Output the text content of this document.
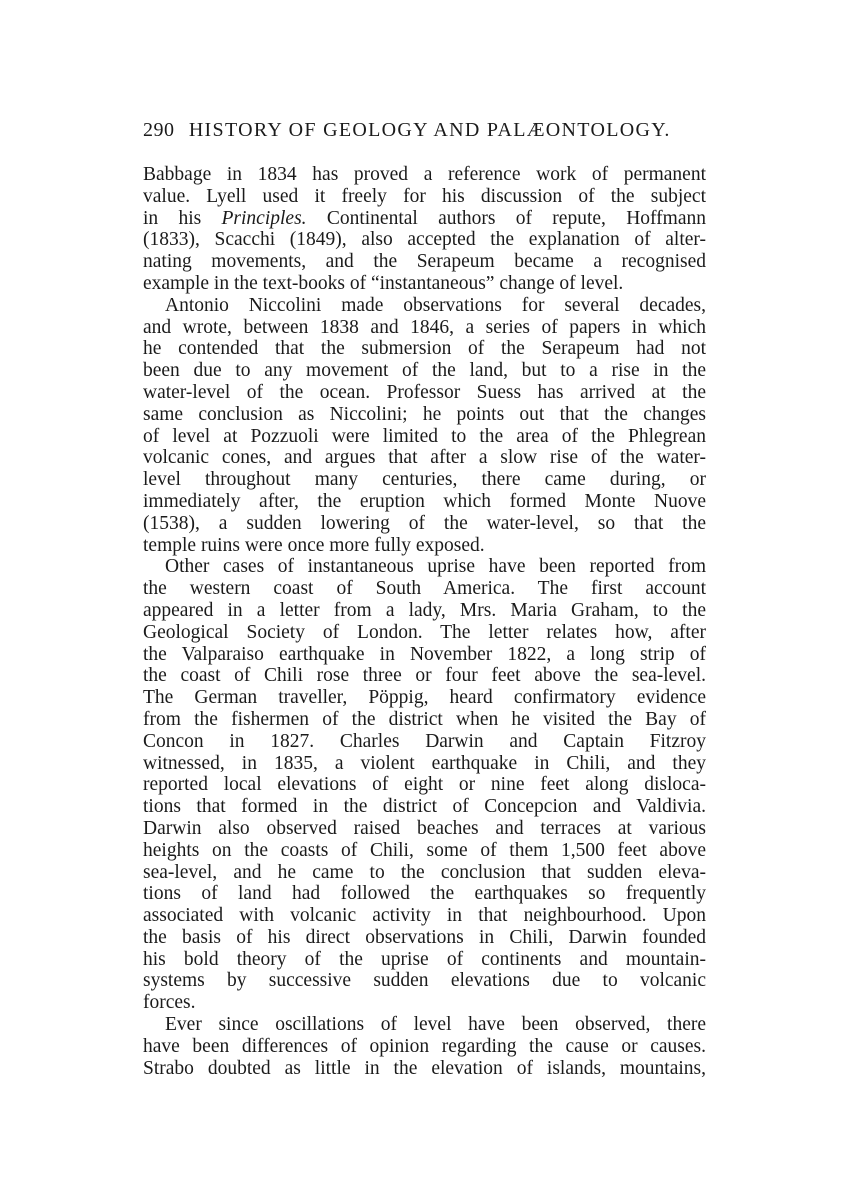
290 HISTORY OF GEOLOGY AND PALÆONTOLOGY.

Babbage in 1834 has proved a reference work of permanent

value. Lyell used it freely for his discussion of the subject

in his Principles. Continental authors of repute, Hoffmann

(1833), Scacchi (1849), also accepted the explanation of alter-

nating movements, and the Serapeum became a recognised

example in the text-books of “instantaneous” change of level.

Antonio Niccolini made observations for several decades,

and wrote, between 1838 and 1846, a series of papers in which

he contended that the submersion of the Serapeum had not

been due to any movement of the land, but to a rise in the

water-level of the ocean. Professor Suess has arrived at the

same conclusion as Niccolini; he points out that the changes

of level at Pozzuoli were limited to the area of the Phlegrean

volcanic cones, and argues that after a slow rise of the water-

level throughout many centuries, there came during, or

immediately after, the eruption which formed Monte Nuove

(1538), a sudden lowering of the water-level, so that the

temple ruins were once more fully exposed.

Other cases of instantaneous uprise have been reported from

the western coast of South America. The first account

appeared in a letter from a lady, Mrs. Maria Graham, to the

Geological Society of London. The letter relates how, after

the Valparaiso earthquake in November 1822, a long strip of

the coast of Chili rose three or four feet above the sea-level.

The German traveller, Pöppig, heard confirmatory evidence

from the fishermen of the district when he visited the Bay of

Concon in 1827. Charles Darwin and Captain Fitzroy

witnessed, in 1835, a violent earthquake in Chili, and they

reported local elevations of eight or nine feet along disloca-

tions that formed in the district of Concepcion and Valdivia.

Darwin also observed raised beaches and terraces at various

heights on the coasts of Chili, some of them 1,500 feet above

sea-level, and he came to the conclusion that sudden eleva-

tions of land had followed the earthquakes so frequently

associated with volcanic activity in that neighbourhood. Upon

the basis of his direct observations in Chili, Darwin founded

his bold theory of the uprise of continents and mountain-

systems by successive sudden elevations due to volcanic

forces.

Ever since oscillations of level have been observed, there

have been differences of opinion regarding the cause or causes.

Strabo doubted as little in the elevation of islands, mountains,
